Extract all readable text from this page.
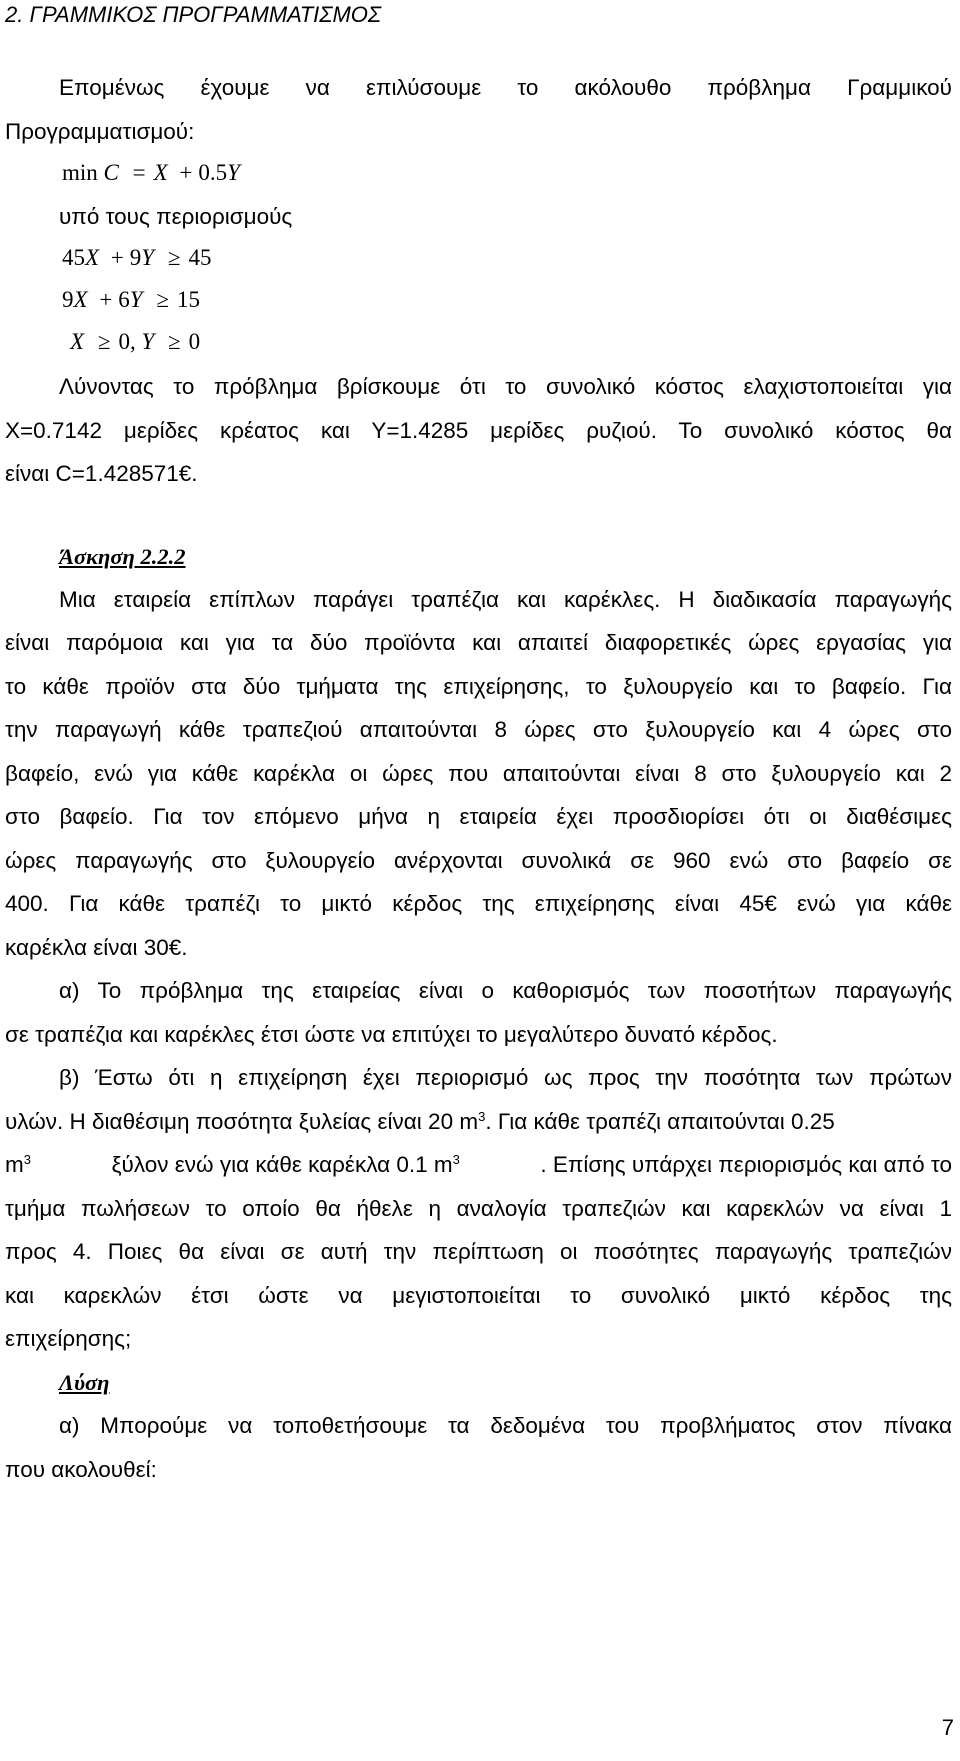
2. ΓΡΑΜΜΙΚΟΣ ΠΡΟΓΡΑΜΜΑΤΙΣΜΟΣ
Επομένως έχουμε να επιλύσουμε το ακόλουθο πρόβλημα Γραμμικού
Προγραμματισμού:
min C = X + 0.5Y
υπό τους περιορισμούς
45X + 9Y ≥ 45
9X + 6Y ≥ 15
X ≥ 0, Y ≥ 0
Λύνοντας το πρόβλημα βρίσκουμε ότι το συνολικό κόστος ελαχιστοποιείται για
Χ=0.7142 μερίδες κρέατος και Υ=1.4285 μερίδες ρυζιού. Το συνολικό κόστος θα
είναι C=1.428571€.
Άσκηση 2.2.2
Μια εταιρεία επίπλων παράγει τραπέζια και καρέκλες. Η διαδικασία παραγωγής
είναι παρόμοια και για τα δύο προϊόντα και απαιτεί διαφορετικές ώρες εργασίας για
το κάθε προϊόν στα δύο τμήματα της επιχείρησης, το ξυλουργείο και το βαφείο. Για
την παραγωγή κάθε τραπεζιού απαιτούνται 8 ώρες στο ξυλουργείο και 4 ώρες στο
βαφείο, ενώ για κάθε καρέκλα οι ώρες που απαιτούνται είναι 8 στο ξυλουργείο και 2
στο βαφείο. Για τον επόμενο μήνα η εταιρεία έχει προσδιορίσει ότι οι διαθέσιμες
ώρες παραγωγής στο ξυλουργείο ανέρχονται συνολικά σε 960 ενώ στο βαφείο σε
400. Για κάθε τραπέζι το μικτό κέρδος της επιχείρησης είναι 45€ ενώ για κάθε
καρέκλα είναι 30€.
α) Το πρόβλημα της εταιρείας είναι ο καθορισμός των ποσοτήτων παραγωγής
σε τραπέζια και καρέκλες έτσι ώστε να επιτύχει το μεγαλύτερο δυνατό κέρδος.
β) Έστω ότι η επιχείρηση έχει περιορισμό ως προς την ποσότητα των πρώτων
υλών. Η διαθέσιμη ποσότητα ξυλείας είναι 20 $m^3$. Για κάθε τραπέζι απαιτούνται 0.25
$m^3$	ξύλον ενώ για κάθε καρέκλα 0.1 $m^3$	. Επίσης υπάρχει περιορισμός και από το
τμήμα πωλήσεων το οποίο θα ήθελε η αναλογία τραπεζιών και καρεκλών να είναι 1
προς 4. Ποιες θα είναι σε αυτή την περίπτωση οι ποσότητες παραγωγής τραπεζιών
και καρεκλών έτσι ώστε να μεγιστοποιείται το συνολικό μικτό κέρδος της
επιχείρησης;
Λύση
α) Μπορούμε να τοποθετήσουμε τα δεδομένα του προβλήματος στον πίνακα
που ακολουθεί:
7
